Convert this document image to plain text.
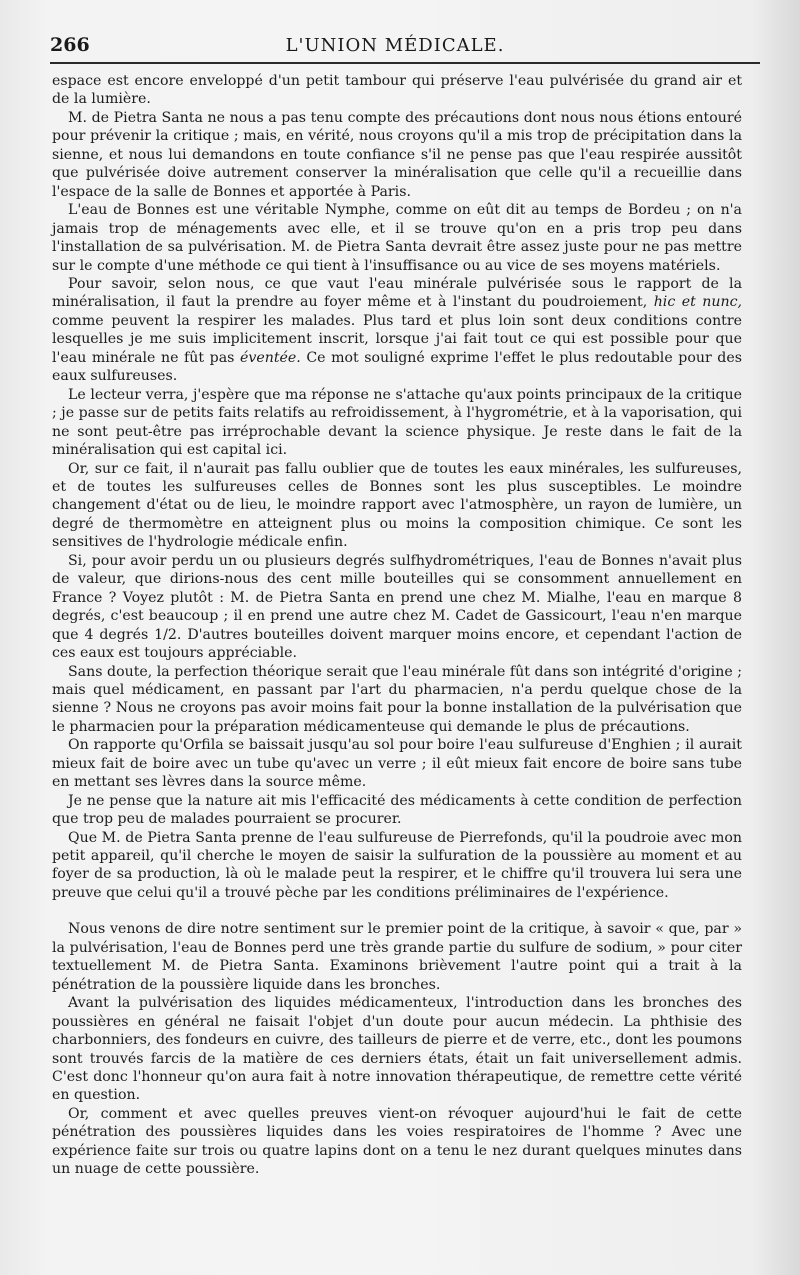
266	L'UNION MÉDICALE.

espace est encore enveloppé d'un petit tambour qui préserve l'eau pulvérisée du grand air et de la lumière.

M. de Pietra Santa ne nous a pas tenu compte des précautions dont nous nous étions entouré pour prévenir la critique ; mais, en vérité, nous croyons qu'il a mis trop de précipitation dans la sienne, et nous lui demandons en toute confiance s'il ne pense pas que l'eau respirée aussitôt que pulvérisée doive autrement conserver la minéralisation que celle qu'il a recueillie dans l'espace de la salle de Bonnes et apportée à Paris.

L'eau de Bonnes est une véritable Nymphe, comme on eût dit au temps de Bordeu ; on n'a jamais trop de ménagements avec elle, et il se trouve qu'on en a pris trop peu dans l'installation de sa pulvérisation. M. de Pietra Santa devrait être assez juste pour ne pas mettre sur le compte d'une méthode ce qui tient à l'insuffisance ou au vice de ses moyens matériels.

Pour savoir, selon nous, ce que vaut l'eau minérale pulvérisée sous le rapport de la minéralisation, il faut la prendre au foyer même et à l'instant du poudroiement, hic et nunc, comme peuvent la respirer les malades. Plus tard et plus loin sont deux conditions contre lesquelles je me suis implicitement inscrit, lorsque j'ai fait tout ce qui est possible pour que l'eau minérale ne fût pas éventée. Ce mot souligné exprime l'effet le plus redoutable pour des eaux sulfureuses.

Le lecteur verra, j'espère que ma réponse ne s'attache qu'aux points principaux de la critique ; je passe sur de petits faits relatifs au refroidissement, à l'hygrométrie, et à la vaporisation, qui ne sont peut-être pas irréprochable devant la science physique. Je reste dans le fait de la minéralisation qui est capital ici.

Or, sur ce fait, il n'aurait pas fallu oublier que de toutes les eaux minérales, les sulfureuses, et de toutes les sulfureuses celles de Bonnes sont les plus susceptibles. Le moindre changement d'état ou de lieu, le moindre rapport avec l'atmosphère, un rayon de lumière, un degré de thermomètre en atteignent plus ou moins la composition chimique. Ce sont les sensitives de l'hydrologie médicale enfin.

Si, pour avoir perdu un ou plusieurs degrés sulfhydrométriques, l'eau de Bonnes n'avait plus de valeur, que dirions-nous des cent mille bouteilles qui se consomment annuellement en France ? Voyez plutôt : M. de Pietra Santa en prend une chez M. Mialhe, l'eau en marque 8 degrés, c'est beaucoup ; il en prend une autre chez M. Cadet de Gassicourt, l'eau n'en marque que 4 degrés 1/2. D'autres bouteilles doivent marquer moins encore, et cependant l'action de ces eaux est toujours appréciable.

Sans doute, la perfection théorique serait que l'eau minérale fût dans son intégrité d'origine ; mais quel médicament, en passant par l'art du pharmacien, n'a perdu quelque chose de la sienne ? Nous ne croyons pas avoir moins fait pour la bonne installation de la pulvérisation que le pharmacien pour la préparation médicamenteuse qui demande le plus de précautions.

On rapporte qu'Orfila se baissait jusqu'au sol pour boire l'eau sulfureuse d'Enghien ; il aurait mieux fait de boire avec un tube qu'avec un verre ; il eût mieux fait encore de boire sans tube en mettant ses lèvres dans la source même.

Je ne pense que la nature ait mis l'efficacité des médicaments à cette condition de perfection que trop peu de malades pourraient se procurer.

Que M. de Pietra Santa prenne de l'eau sulfureuse de Pierrefonds, qu'il la poudroie avec mon petit appareil, qu'il cherche le moyen de saisir la sulfuration de la poussière au moment et au foyer de sa production, là où le malade peut la respirer, et le chiffre qu'il trouvera lui sera une preuve que celui qu'il a trouvé pèche par les conditions préliminaires de l'expérience.

Nous venons de dire notre sentiment sur le premier point de la critique, à savoir « que, par » la pulvérisation, l'eau de Bonnes perd une très grande partie du sulfure de sodium, » pour citer textuellement M. de Pietra Santa. Examinons brièvement l'autre point qui a trait à la pénétration de la poussière liquide dans les bronches.

Avant la pulvérisation des liquides médicamenteux, l'introduction dans les bronches des poussières en général ne faisait l'objet d'un doute pour aucun médecin. La phthisie des charbonniers, des fondeurs en cuivre, des tailleurs de pierre et de verre, etc., dont les poumons sont trouvés farcis de la matière de ces derniers états, était un fait universellement admis. C'est donc l'honneur qu'on aura fait à notre innovation thérapeutique, de remettre cette vérité en question.

Or, comment et avec quelles preuves vient-on révoquer aujourd'hui le fait de cette pénétration des poussières liquides dans les voies respiratoires de l'homme ? Avec une expérience faite sur trois ou quatre lapins dont on a tenu le nez durant quelques minutes dans un nuage de cette poussière.
